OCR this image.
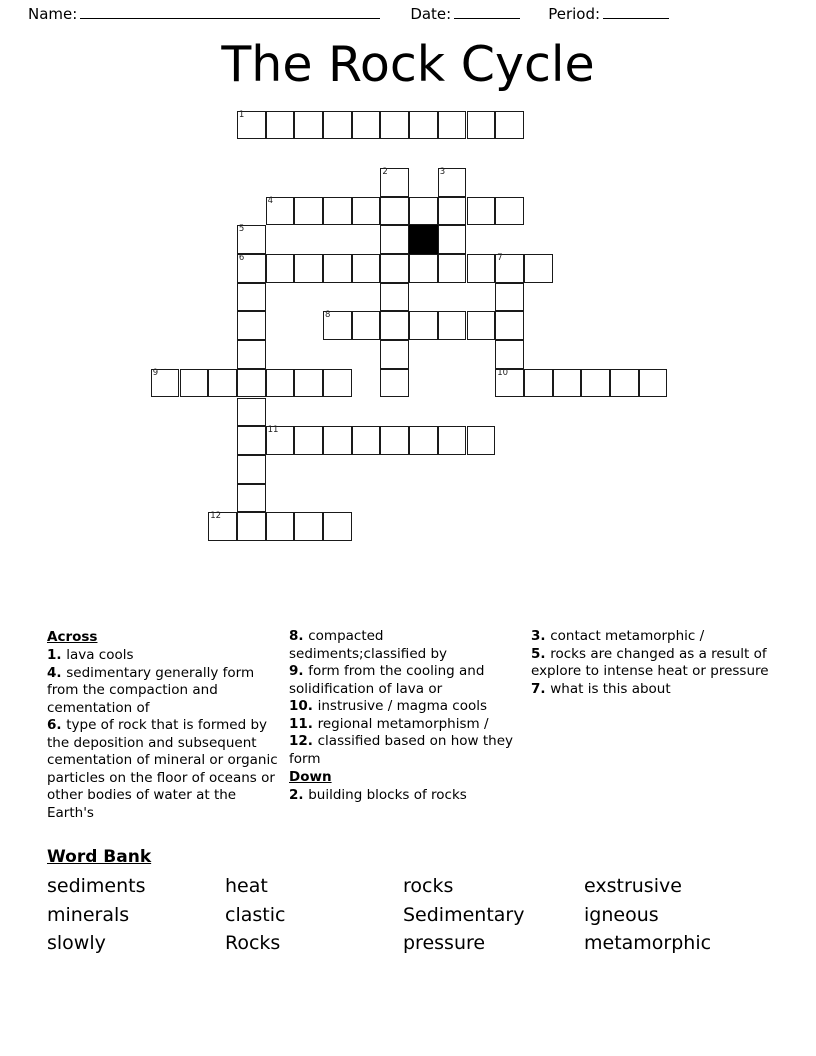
Name:	Date:	Period:
The Rock Cycle
1
2	3
4
5
6	7
10
8
9
11
12
Across

1. lava cools

4. sedimentary generally form from the compaction and cementation of

6. type of rock that is formed by the deposition and subsequent cementation of mineral or organic particles on the floor of oceans or other bodies of water at the Earth's

8. compacted sediments;classified by

9. form from the cooling and solidification of lava or

10. instrusive / magma cools

11. regional metamorphism /

12. classified based on how they form

Down

2. building blocks of rocks

3. contact metamorphic /

5. rocks are changed as a result of explore to intense heat or pressure

7. what is this about

Word Bank
sediments	heat	rocks	exstrusive
minerals	clastic	Sedimentary	igneous
slowly	Rocks	pressure	metamorphic
